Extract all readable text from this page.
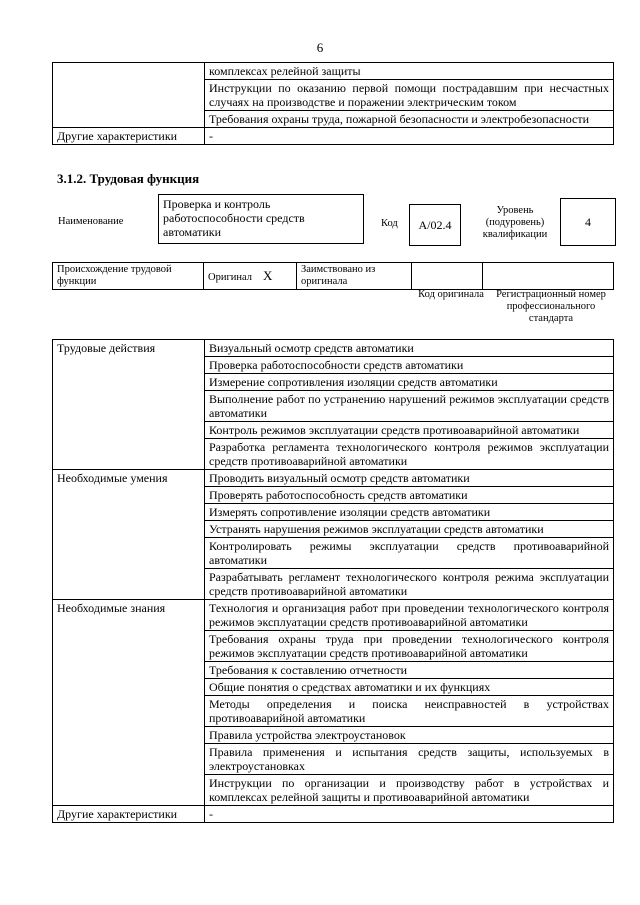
6
	комплексах релейной защиты
	Инструкции по оказанию первой помощи пострадавшим при несчастных случаях на производстве и поражении электрическим током
	Требования охраны труда, пожарной безопасности и электробезопасности
Другие характеристики	-
3.1.2. Трудовая функция
Наименование
Проверка и контроль работоспособности средств автоматики
Код А/02.4
Уровень (подуровень) квалификации
4
Происхождение трудовой функции	Оригинал X	Заимствовано из оригинала		
Код оригинала	Регистрационный номер профессионального стандарта
Трудовые действия	Визуальный осмотр средств автоматики
	Проверка работоспособности средств автоматики
	Измерение сопротивления изоляции средств автоматики
	Выполнение работ по устранению нарушений режимов эксплуатации средств автоматики
	Контроль режимов эксплуатации средств противоаварийной автоматики
	Разработка регламента технологического контроля режимов эксплуатации средств противоаварийной автоматики
Необходимые умения	Проводить визуальный осмотр средств автоматики
	Проверять работоспособность средств автоматики
	Измерять сопротивление изоляции средств автоматики
	Устранять нарушения режимов эксплуатации средств автоматики
	Контролировать режимы эксплуатации средств противоаварийной автоматики
	Разрабатывать регламент технологического контроля режима эксплуатации средств противоаварийной автоматики
Необходимые знания	Технология и организация работ при проведении технологического контроля режимов эксплуатации средств противоаварийной автоматики
	Требования охраны труда при проведении технологического контроля режимов эксплуатации средств противоаварийной автоматики
	Требования к составлению отчетности
	Общие понятия о средствах автоматики и их функциях
	Методы определения и поиска неисправностей в устройствах противоаварийной автоматики
	Правила устройства электроустановок
	Правила применения и испытания средств защиты, используемых в электроустановках
	Инструкции по организации и производству работ в устройствах и комплексах релейной защиты и противоаварийной автоматики
Другие характеристики	-
